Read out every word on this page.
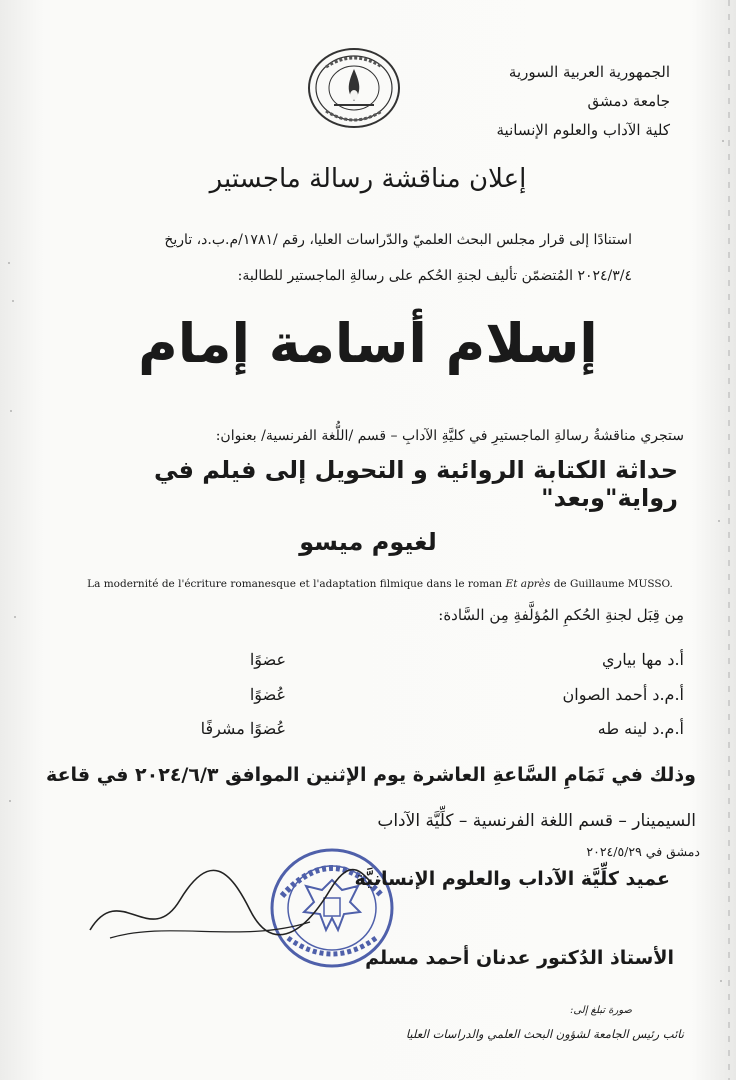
الجمهورية العربية السورية
جامعة دمشق
كلية الآداب والعلوم الإنسانية
إعلان مناقشة رسالة ماجستير
استنادًا إلى قرار مجلس البحث العلميّ والدّراسات العليا، رقم /١٧٨١/م.ب.د، تاريخ
٢٠٢٤/٣/٤ المُتضمّن تأليف لجنةِ الحُكم على رسالةِ الماجستير للطالبة:
إسلام أسامة إمام
ستجري مناقشةُ رسالةِ الماجستيرِ في كليَّةِ الآدابِ – قسم /اللُّغة الفرنسية/ بعنوان:
حداثة الكتابة الروائية و التحويل إلى فيلم في رواية"وبعد"
لغيوم ميسو
La modernité de l'écriture romanesque et l'adaptation filmique dans le roman Et après de Guillaume MUSSO.
مِن قِبَل لجنةِ الحُكمِ المُؤلَّفةِ مِن السَّادة:
أ.د مها بياري
عضوًا
أ.م.د أحمد الصوان
عُضوًا
أ.م.د لينه طه
عُضوًا مشرفًا
وذلك في تَمَامِ السَّاعةِ العاشرة يوم الإثنين الموافق ٢٠٢٤/٦/٣ في قاعة
السيمينار – قسم اللغة الفرنسية – كلِّيَّة الآداب
دمشق في ٢٠٢٤/٥/٢٩
عميد كلِّيَّة الآداب والعلوم الإنسانيَّة
الأستاذ الدُكتور عدنان أحمد مسلم
صورة تبلغ إلى:
نائب رئيس الجامعة لشؤون البحث العلمي والدراسات العليا
